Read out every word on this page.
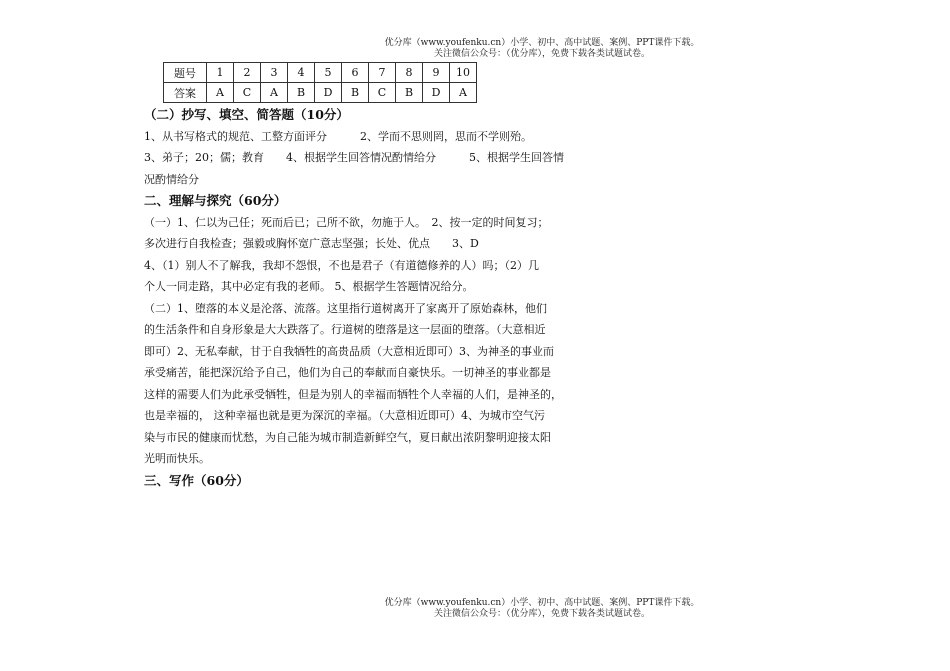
优分库（www.youfenku.cn）小学、初中、高中试题、案例、PPT课件下载。
关注微信公众号：（优分库），免费下载各类试题试卷。
题号	1	2	3	4	5	6	7	8	9	10
答案	A	C	A	B	D	B	C	B	D	A

（二）抄写、填空、简答题（10分）

1、从书写格式的规范、工整方面评分　　　2、学而不思则罔，思而不学则殆。

3、弟子；20；儒；教育　　4、根据学生回答情况酌情给分　　　5、根据学生回答情

况酌情给分

二、理解与探究（60分）

（一）1、仁以为己任；死而后已；己所不欲，勿施于人。　2、按一定的时间复习；

多次进行自我检查；强毅或胸怀宽广意志坚强；长处、优点　　3、D

4、（1）别人不了解我，我却不怨恨，不也是君子（有道德修养的人）吗；（2）几

个人一同走路，其中必定有我的老师。 5、根据学生答题情况给分。

（二）1、堕落的本义是沦落、流落。这里指行道树离开了家离开了原始森林，他们

的生活条件和自身形象是大大跌落了。行道树的堕落是这一层面的堕落。（大意相近

即可）2、无私奉献，甘于自我牺牲的高贵品质（大意相近即可）3、为神圣的事业而

承受痛苦，能把深沉给予自己，他们为自己的奉献而自豪快乐。一切神圣的事业都是

这样的需要人们为此承受牺牲，但是为别人的幸福而牺牲个人幸福的人们，是神圣的，

也是幸福的， 这种幸福也就是更为深沉的幸福。（大意相近即可）4、为城市空气污

染与市民的健康而忧愁，为自己能为城市制造新鲜空气，夏日献出浓阴黎明迎接太阳

光明而快乐。

三、写作（60分）

优分库（www.youfenku.cn）小学、初中、高中试题、案例、PPT课件下载。
关注微信公众号：（优分库），免费下载各类试题试卷。
